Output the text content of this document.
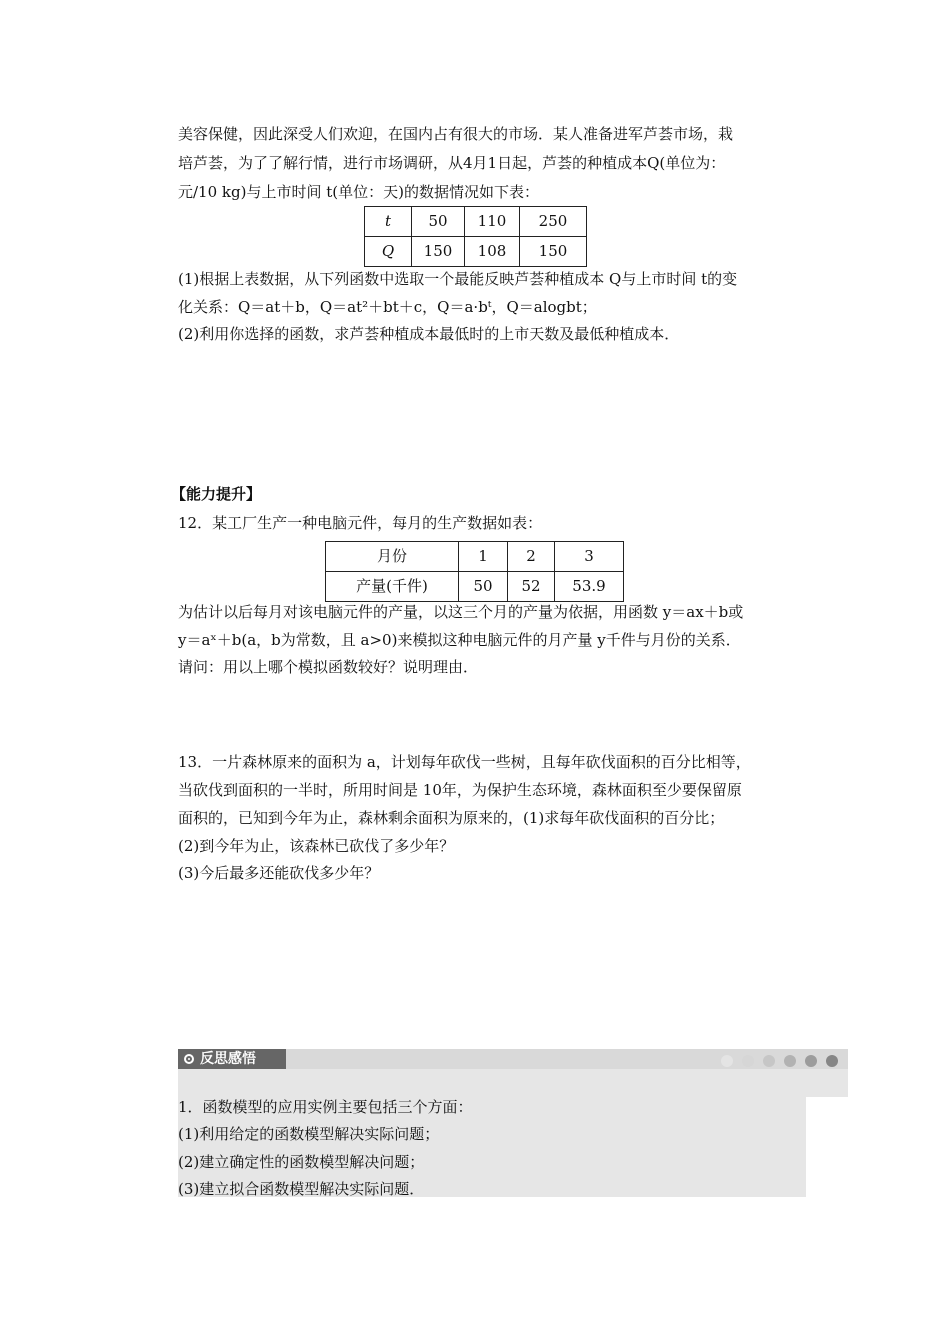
美容保健，因此深受人们欢迎，在国内占有很大的市场．某人准备进军芦荟市场，栽
培芦荟，为了了解行情，进行市场调研，从4月1日起，芦荟的种植成本Q(单位为：
元/10 kg)与上市时间 t(单位：天)的数据情况如下表：
t	50	110	250
Q	150	108	150
(1)根据上表数据，从下列函数中选取一个最能反映芦荟种植成本 Q与上市时间 t的变
化关系：Q＝at＋b，Q＝at²＋bt＋c，Q＝a·bᵗ，Q＝alogbt；
(2)利用你选择的函数，求芦荟种植成本最低时的上市天数及最低种植成本．
【能力提升】
12．某工厂生产一种电脑元件，每月的生产数据如表：
月份	1	2	3
产量(千件)	50	52	53.9
为估计以后每月对该电脑元件的产量，以这三个月的产量为依据，用函数 y＝ax＋b或
y＝aˣ＋b(a，b为常数，且 a>0)来模拟这种电脑元件的月产量 y千件与月份的关系．
请问：用以上哪个模拟函数较好？说明理由．
13．一片森林原来的面积为 a，计划每年砍伐一些树，且每年砍伐面积的百分比相等，
当砍伐到面积的一半时，所用时间是 10年，为保护生态环境，森林面积至少要保留原
面积的，已知到今年为止，森林剩余面积为原来的，(1)求每年砍伐面积的百分比；
(2)到今年为止，该森林已砍伐了多少年？
(3)今后最多还能砍伐多少年？
反思感悟
1．函数模型的应用实例主要包括三个方面：
(1)利用给定的函数模型解决实际问题；
(2)建立确定性的函数模型解决问题；
(3)建立拟合函数模型解决实际问题．
